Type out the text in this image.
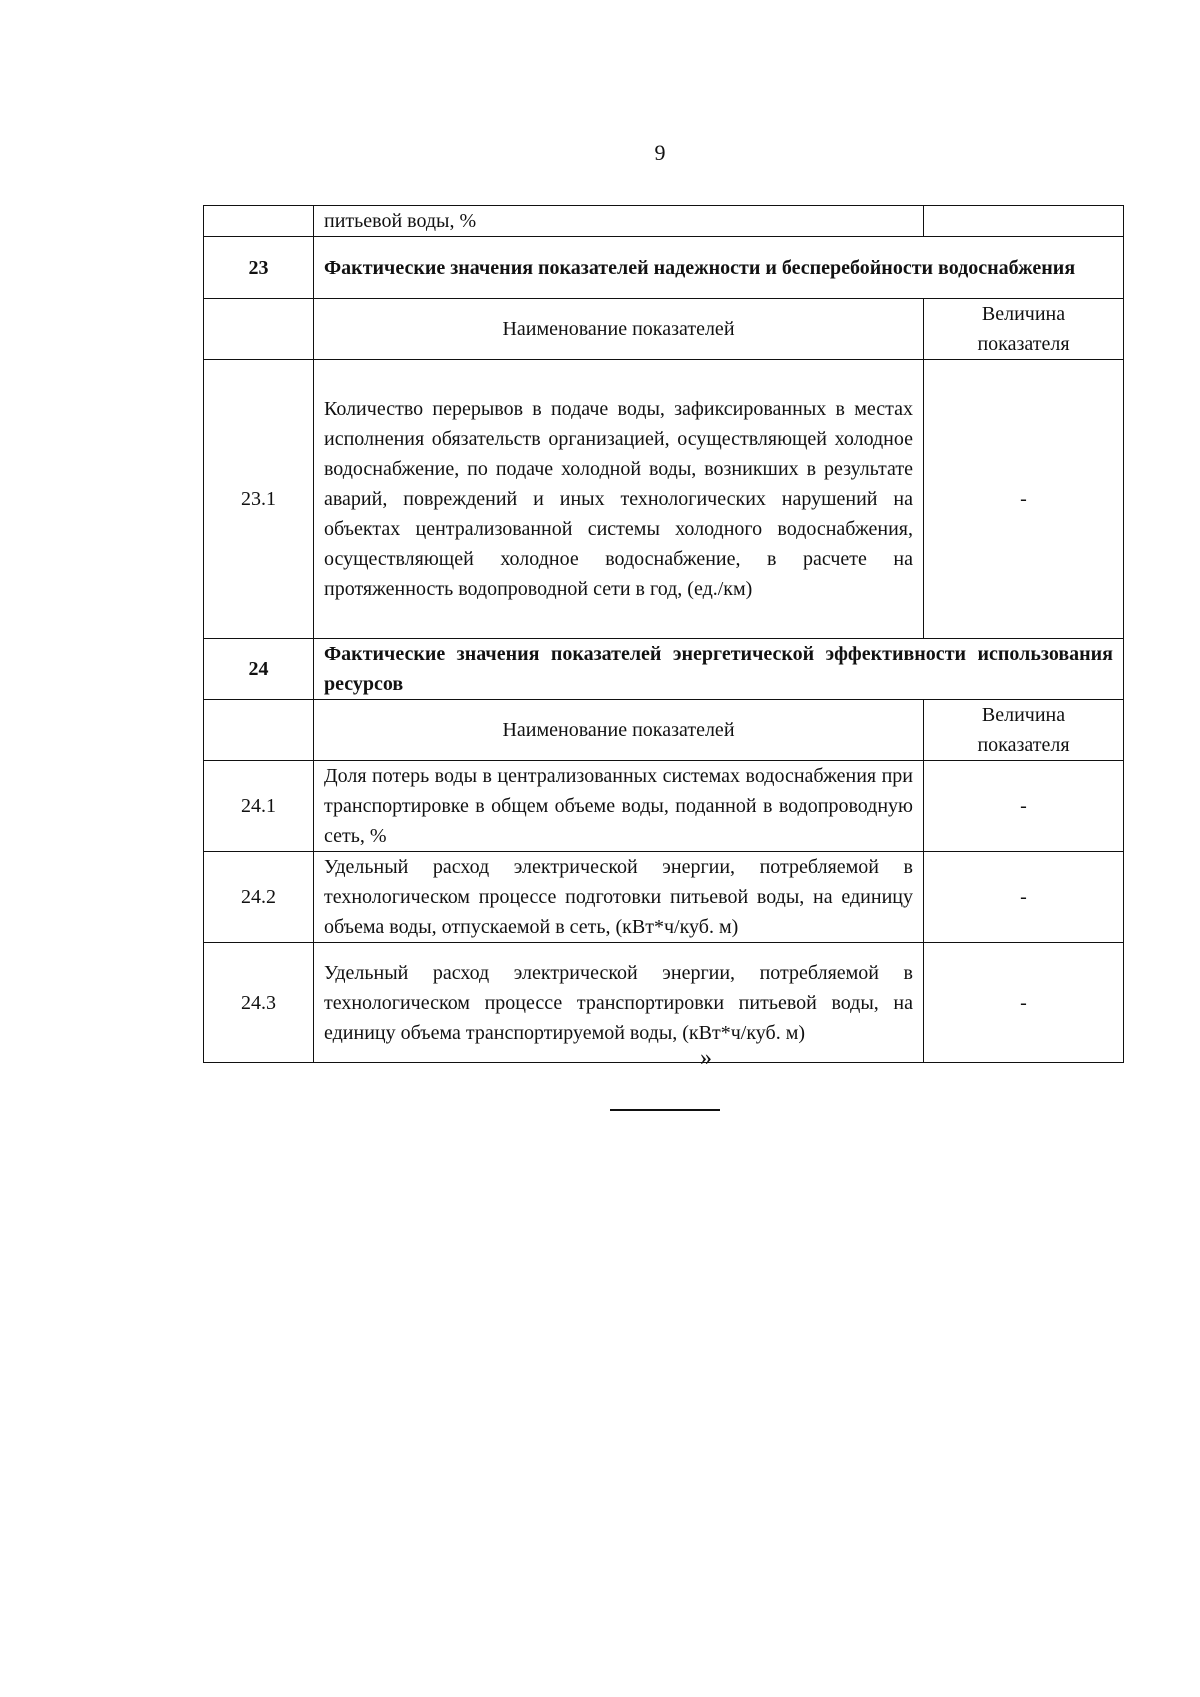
9
	питьевой воды, %	
23	Фактические значения показателей надежности и бесперебойности водоснабжения	
	Наименование показателей	Величина показателя
23.1	Количество перерывов в подаче воды, зафиксированных в местах исполнения обязательств организацией, осуществляющей холодное водоснабжение, по подаче холодной воды, возникших в результате аварий, повреждений и иных технологических нарушений на объектах централизованной системы холодного водоснабжения, осуществляющей холодное водоснабжение, в расчете на протяженность водопроводной сети в год, (ед./км)	-
24	Фактические значения показателей энергетической эффективности использования ресурсов	
	Наименование показателей	Величина показателя
24.1	Доля потерь воды в централизованных системах водоснабжения при транспортировке в общем объеме воды, поданной в водопроводную сеть, %	-
24.2	Удельный расход электрической энергии, потребляемой в технологическом процессе подготовки питьевой воды, на единицу объема воды, отпускаемой в сеть, (кВт*ч/куб. м)	-
24.3	Удельный расход электрической энергии, потребляемой в технологическом процессе транспортировки питьевой воды, на единицу объема транспортируемой воды, (кВт*ч/куб. м)	-
»
